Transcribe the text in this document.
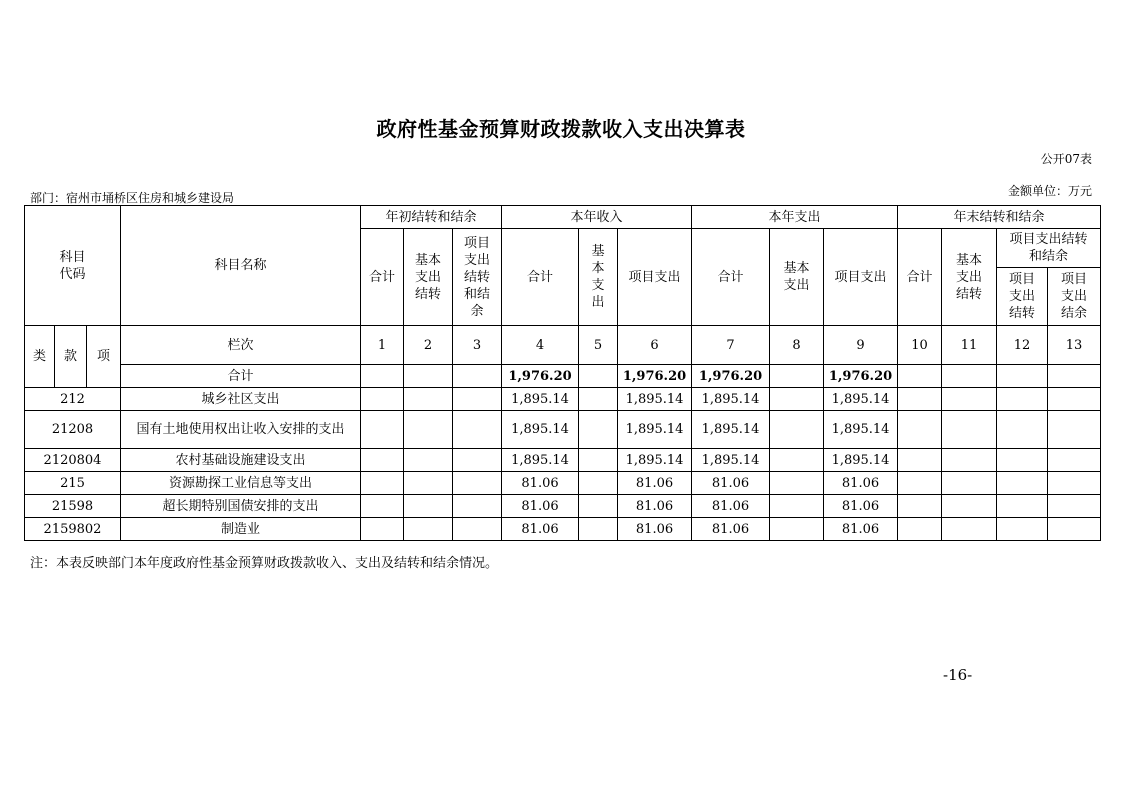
政府性基金预算财政拨款收入支出决算表
公开07表
金额单位：万元
部门：宿州市埇桥区住房和城乡建设局
科目代码			科目名称	年初结转和结余			本年收入			本年支出			年末结转和结余			
				合计	基本支出结转	项目支出结转和结余	合计	基本支出	项目支出	合计	基本支出	项目支出	合计	基本支出结转	项目支出结转和结余	

															项目支出结转	项目支出结余

类	款	项	栏次	1	2	3	4	5	6	7	8	9	10	11	12	13
			合计				1,976.20		1,976.20	1,976.20		1,976.20				
212			城乡社区支出				1,895.14		1,895.14	1,895.14		1,895.14				
21208			国有土地使用权出让收入安排的支出				1,895.14		1,895.14	1,895.14		1,895.14				
2120804			农村基础设施建设支出				1,895.14		1,895.14	1,895.14		1,895.14				
215			资源勘探工业信息等支出				81.06		81.06	81.06		81.06				
21598			超长期特别国债安排的支出				81.06		81.06	81.06		81.06				
2159802			制造业				81.06		81.06	81.06		81.06				
注：本表反映部门本年度政府性基金预算财政拨款收入、支出及结转和结余情况。
-16-
